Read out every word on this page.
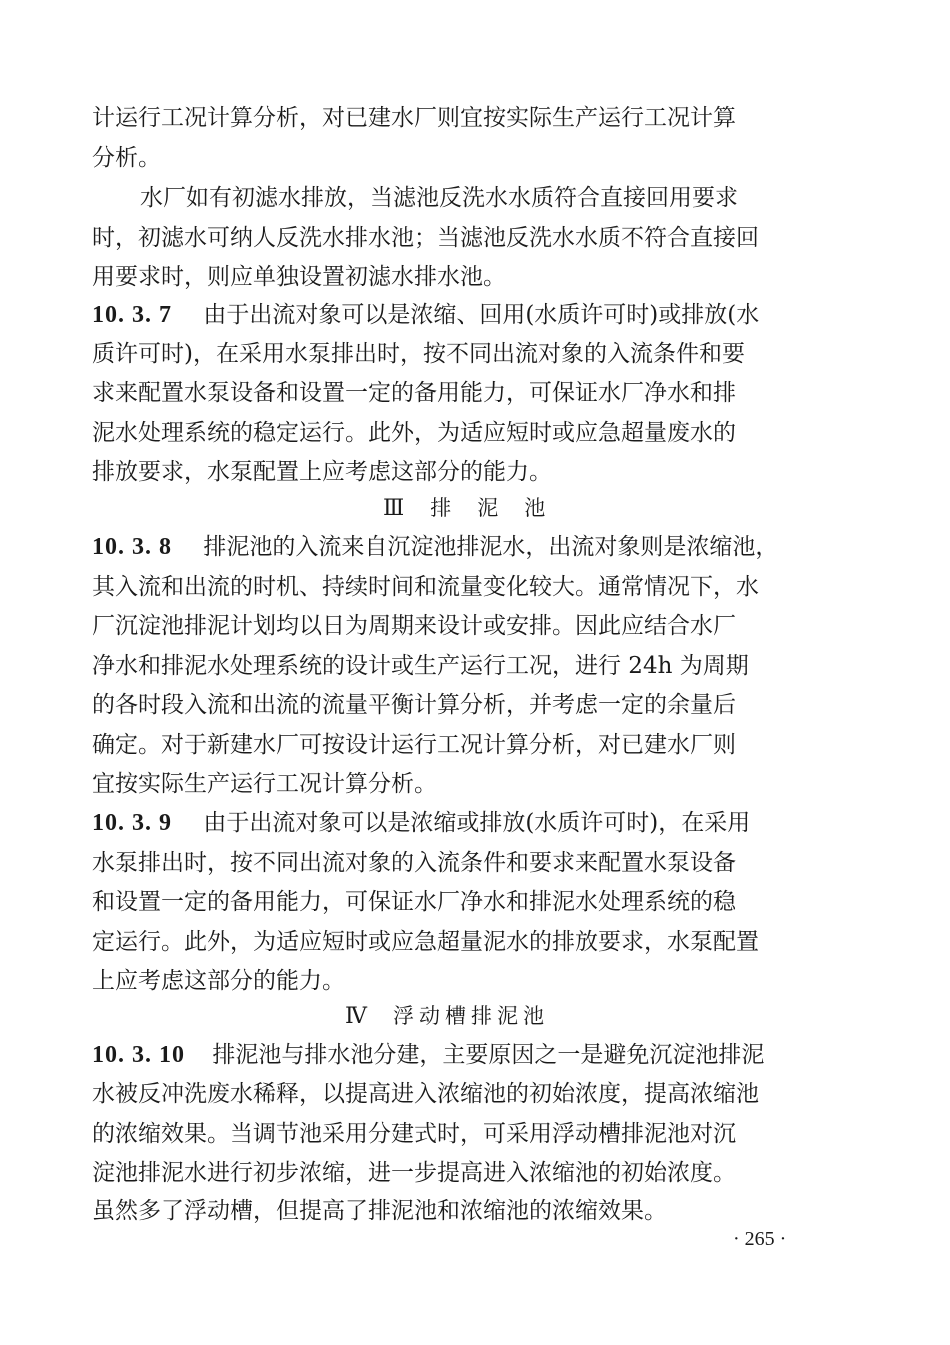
计运行工况计算分析，对已建水厂则宜按实际生产运行工况计算
分析。
水厂如有初滤水排放，当滤池反洗水水质符合直接回用要求
时，初滤水可纳人反洗水排水池；当滤池反洗水水质不符合直接回
用要求时，则应单独设置初滤水排水池。
10. 3. 7 由于出流对象可以是浓缩、回用(水质许可时)或排放(水
质许可时)，在采用水泵排出时，按不同出流对象的入流条件和要
求来配置水泵设备和设置一定的备用能力，可保证水厂净水和排
泥水处理系统的稳定运行。此外，为适应短时或应急超量废水的
排放要求，水泵配置上应考虑这部分的能力。
Ⅲ 排泥池
10. 3. 8 排泥池的入流来自沉淀池排泥水，出流对象则是浓缩池，
其入流和出流的时机、持续时间和流量变化较大。通常情况下，水
厂沉淀池排泥计划均以日为周期来设计或安排。因此应结合水厂
净水和排泥水处理系统的设计或生产运行工况，进行 24h 为周期
的各时段入流和出流的流量平衡计算分析，并考虑一定的余量后
确定。对于新建水厂可按设计运行工况计算分析，对已建水厂则
宜按实际生产运行工况计算分析。
10. 3. 9 由于出流对象可以是浓缩或排放(水质许可时)，在采用
水泵排出时，按不同出流对象的入流条件和要求来配置水泵设备
和设置一定的备用能力，可保证水厂净水和排泥水处理系统的稳
定运行。此外，为适应短时或应急超量泥水的排放要求，水泵配置
上应考虑这部分的能力。
Ⅳ 浮动槽排泥池
10. 3. 10 排泥池与排水池分建，主要原因之一是避免沉淀池排泥
水被反冲洗废水稀释，以提高进入浓缩池的初始浓度，提高浓缩池
的浓缩效果。当调节池采用分建式时，可采用浮动槽排泥池对沉
淀池排泥水进行初步浓缩，进一步提高进入浓缩池的初始浓度。
虽然多了浮动槽，但提高了排泥池和浓缩池的浓缩效果。
· 265 ·
